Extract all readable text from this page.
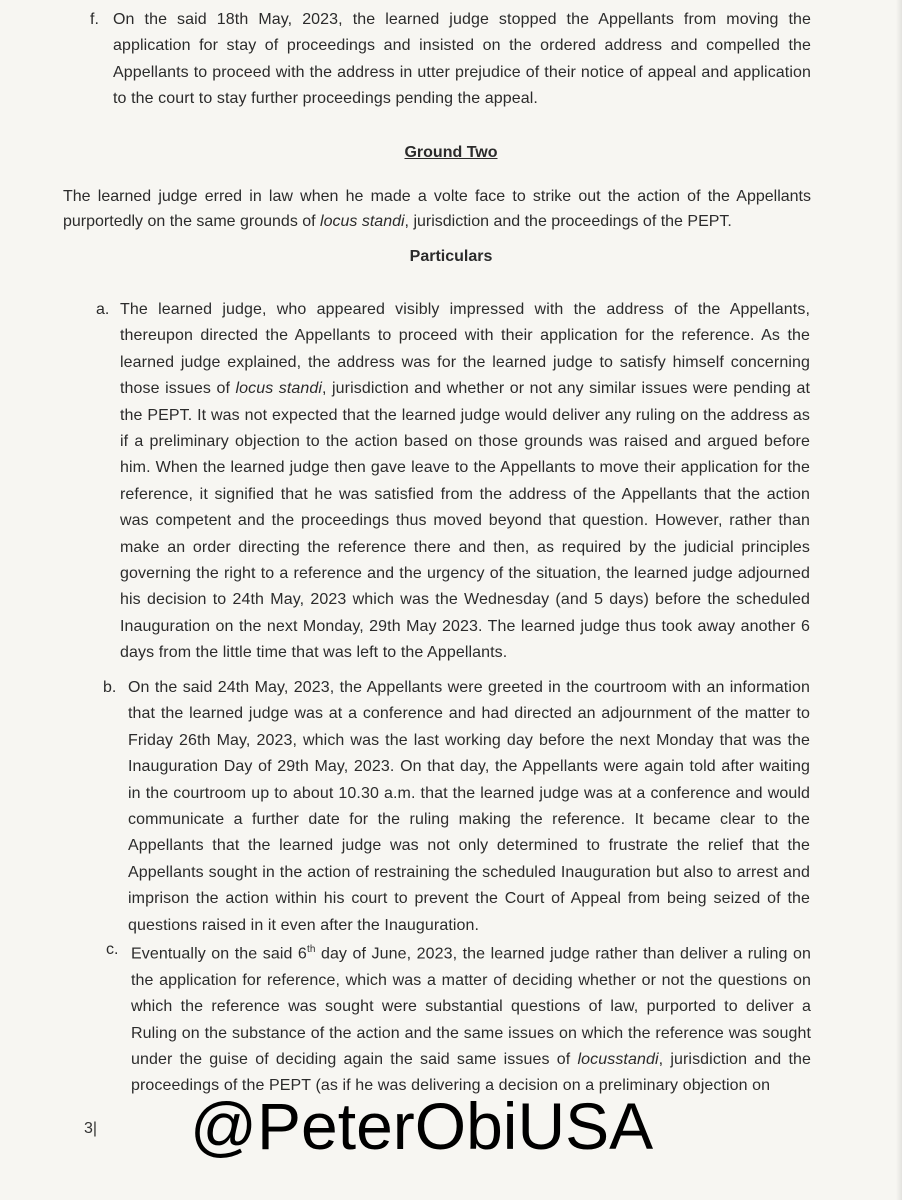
f. On the said 18th May, 2023, the learned judge stopped the Appellants from moving the application for stay of proceedings and insisted on the ordered address and compelled the Appellants to proceed with the address in utter prejudice of their notice of appeal and application to the court to stay further proceedings pending the appeal.

Ground Two

The learned judge erred in law when he made a volte face to strike out the action of the Appellants purportedly on the same grounds of locus standi, jurisdiction and the proceedings of the PEPT.

Particulars

a. The learned judge, who appeared visibly impressed with the address of the Appellants, thereupon directed the Appellants to proceed with their application for the reference. As the learned judge explained, the address was for the learned judge to satisfy himself concerning those issues of locus standi, jurisdiction and whether or not any similar issues were pending at the PEPT. It was not expected that the learned judge would deliver any ruling on the address as if a preliminary objection to the action based on those grounds was raised and argued before him. When the learned judge then gave leave to the Appellants to move their application for the reference, it signified that he was satisfied from the address of the Appellants that the action was competent and the proceedings thus moved beyond that question. However, rather than make an order directing the reference there and then, as required by the judicial principles governing the right to a reference and the urgency of the situation, the learned judge adjourned his decision to 24th May, 2023 which was the Wednesday (and 5 days) before the scheduled Inauguration on the next Monday, 29th May 2023. The learned judge thus took away another 6 days from the little time that was left to the Appellants.

b. On the said 24th May, 2023, the Appellants were greeted in the courtroom with an information that the learned judge was at a conference and had directed an adjournment of the matter to Friday 26th May, 2023, which was the last working day before the next Monday that was the Inauguration Day of 29th May, 2023. On that day, the Appellants were again told after waiting in the courtroom up to about 10.30 a.m. that the learned judge was at a conference and would communicate a further date for the ruling making the reference. It became clear to the Appellants that the learned judge was not only determined to frustrate the relief that the Appellants sought in the action of restraining the scheduled Inauguration but also to arrest and imprison the action within his court to prevent the Court of Appeal from being seized of the questions raised in it even after the Inauguration.

c. Eventually on the said 6th day of June, 2023, the learned judge rather than deliver a ruling on the application for reference, which was a matter of deciding whether or not the questions on which the reference was sought were substantial questions of law, purported to deliver a Ruling on the substance of the action and the same issues on which the reference was sought under the guise of deciding again the said same issues of locusstandi, jurisdiction and the proceedings of the PEPT (as if he was delivering a decision on a preliminary objection on

3| @PeterObiUSA
